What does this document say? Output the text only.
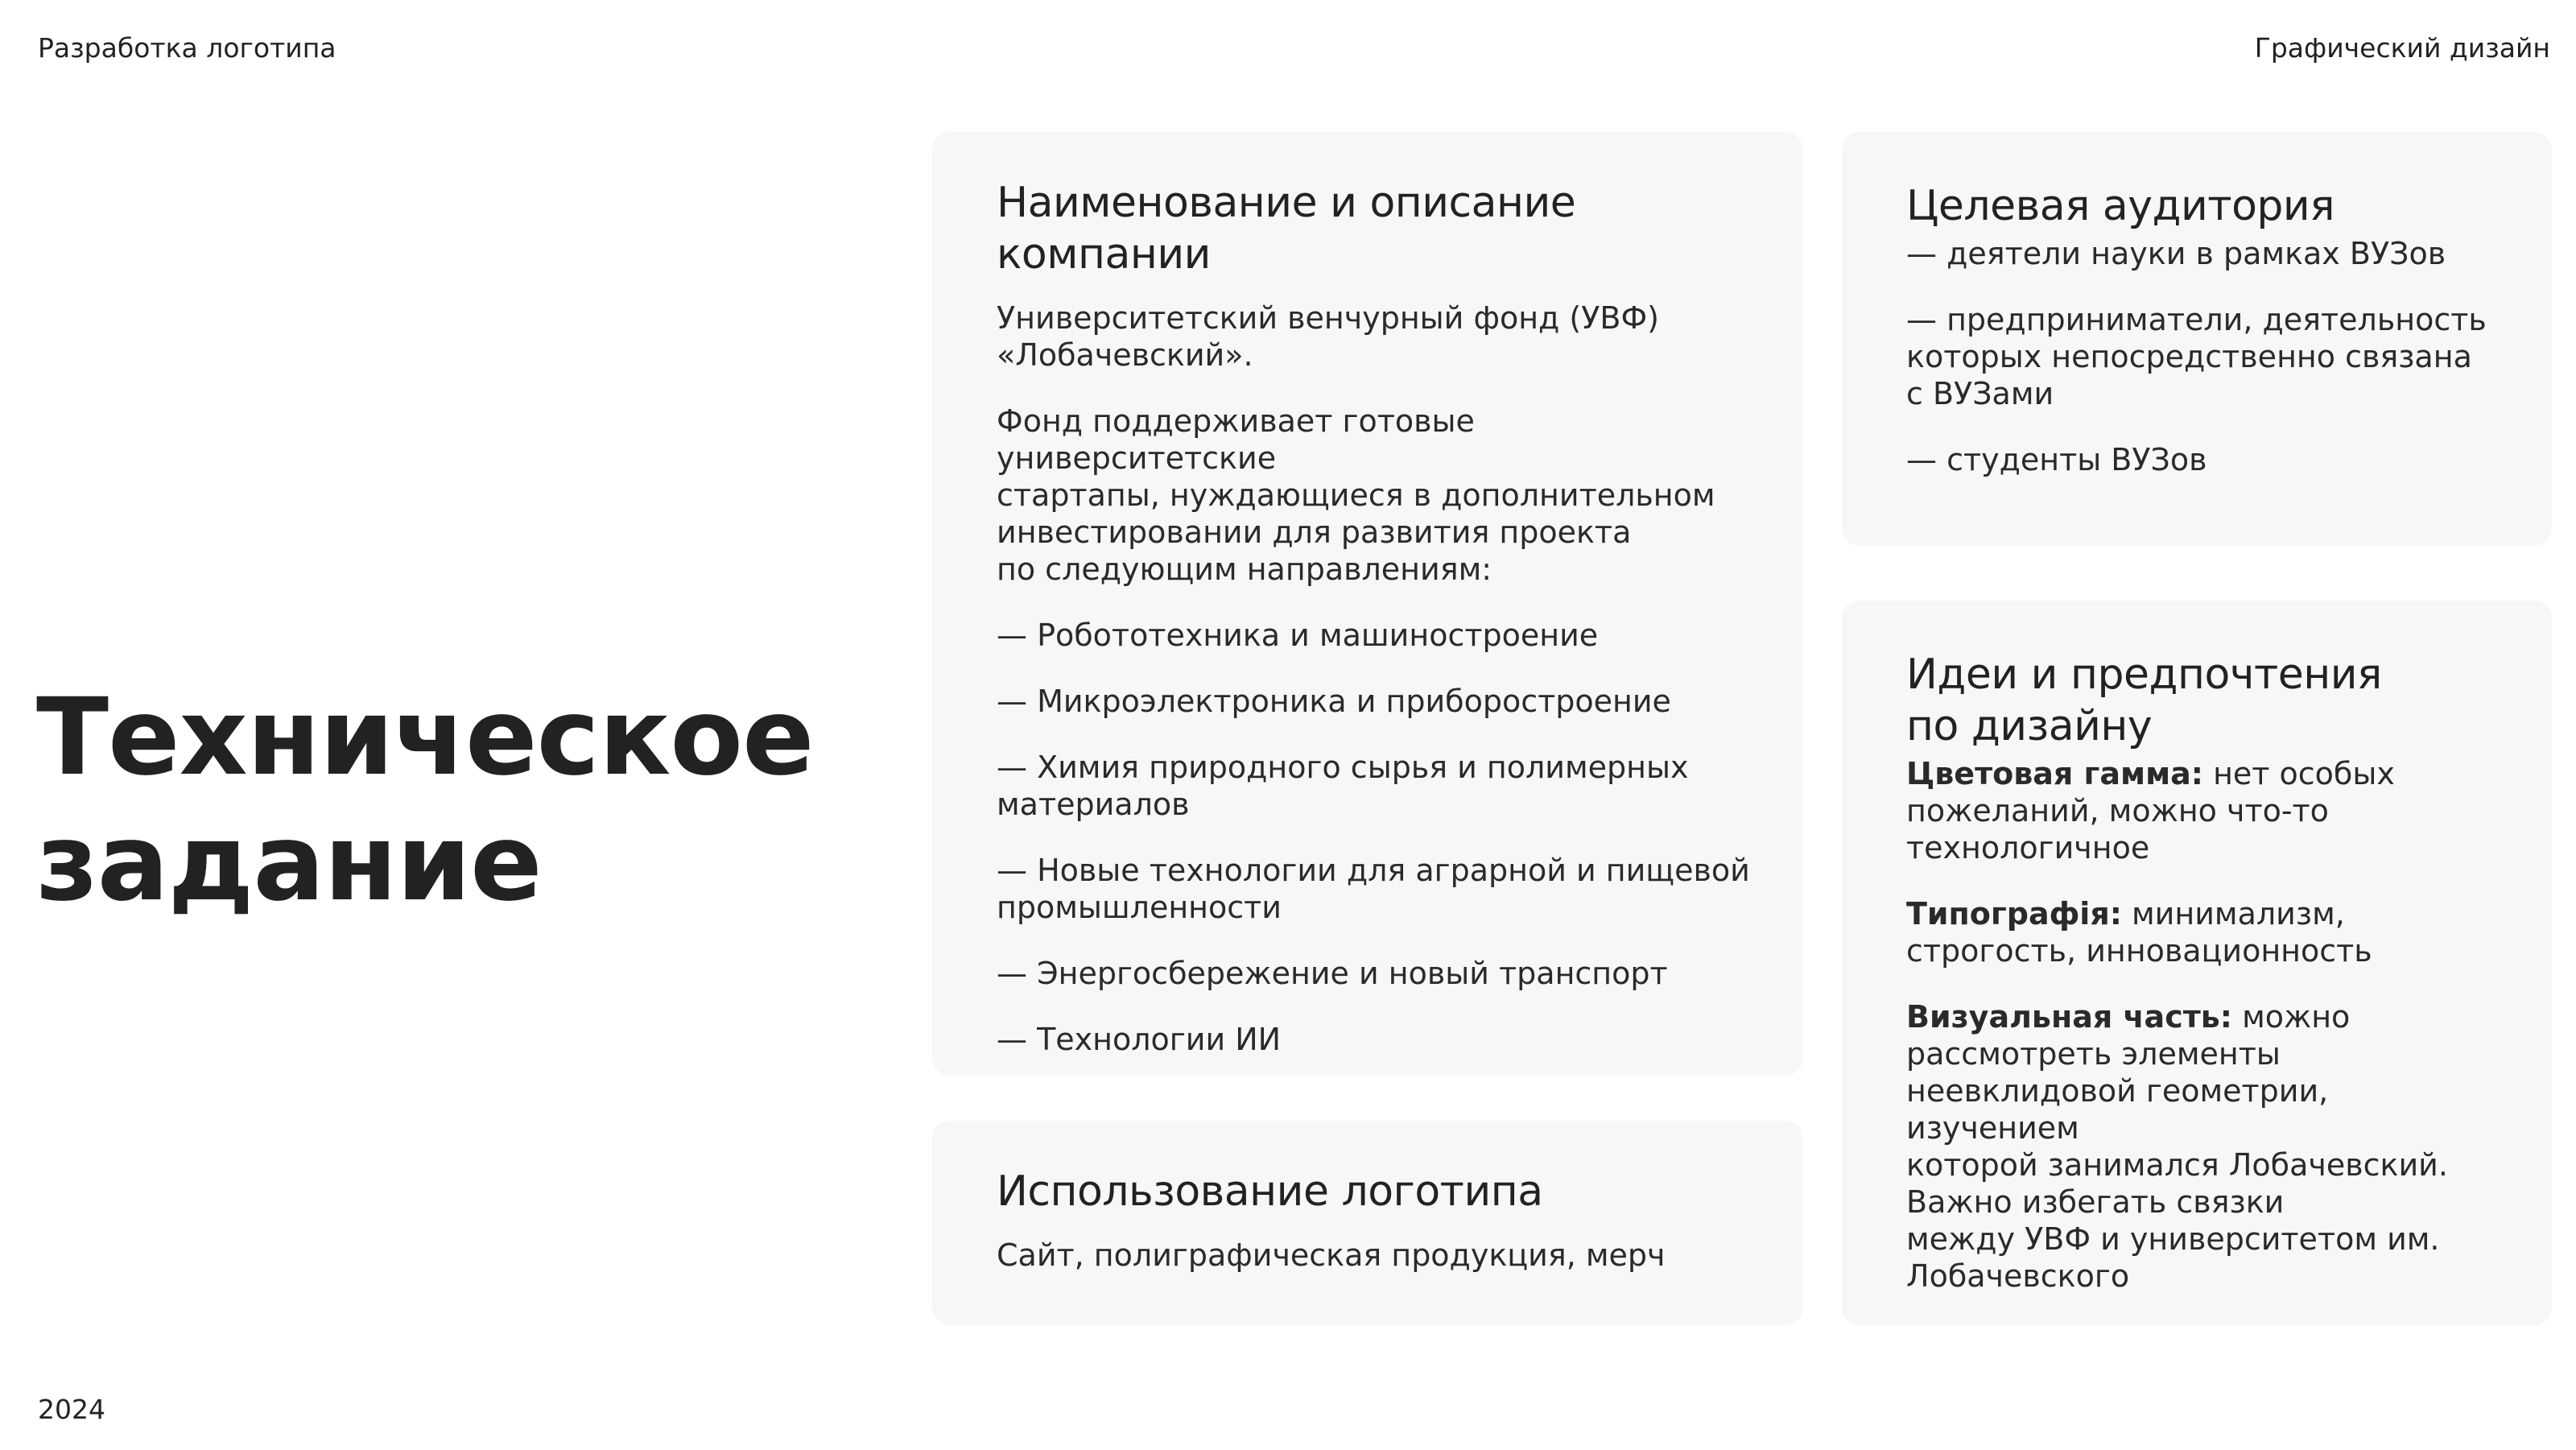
Разработка логотипа	Графический дизайн
Техническое
задание
2024
Наименование и описание
компании

Университетский венчурный фонд (УВФ)
«Лобачевский».

Фонд поддерживает готовые университетские
стартапы, нуждающиеся в дополнительном
инвестировании для развития проекта
по следующим направлениям:

— Робототехника и машиностроение

— Микроэлектроника и приборостроение

— Химия природного сырья и полимерных
материалов

— Новые технологии для аграрной и пищевой
промышленности

— Энергосбережение и новый транспорт

— Технологии ИИ

Использование логотипа

Сайт, полиграфическая продукция, мерч

Целевая аудитория

— деятели науки в рамках ВУЗов

— предприниматели, деятельность
которых непосредственно связана
с ВУЗами

— студенты ВУЗов

Идеи и предпочтения
по дизайну

Цветовая гамма: нет особых
пожеланий, можно что-то
технологичное

Типографія: минимализм,
строгость, инновационность

Визуальная часть: можно
рассмотреть элементы
неевклидовой геометрии, изучением
которой занимался Лобачевский.
Важно избегать связки
между УВФ и университетом им.
Лобачевского
